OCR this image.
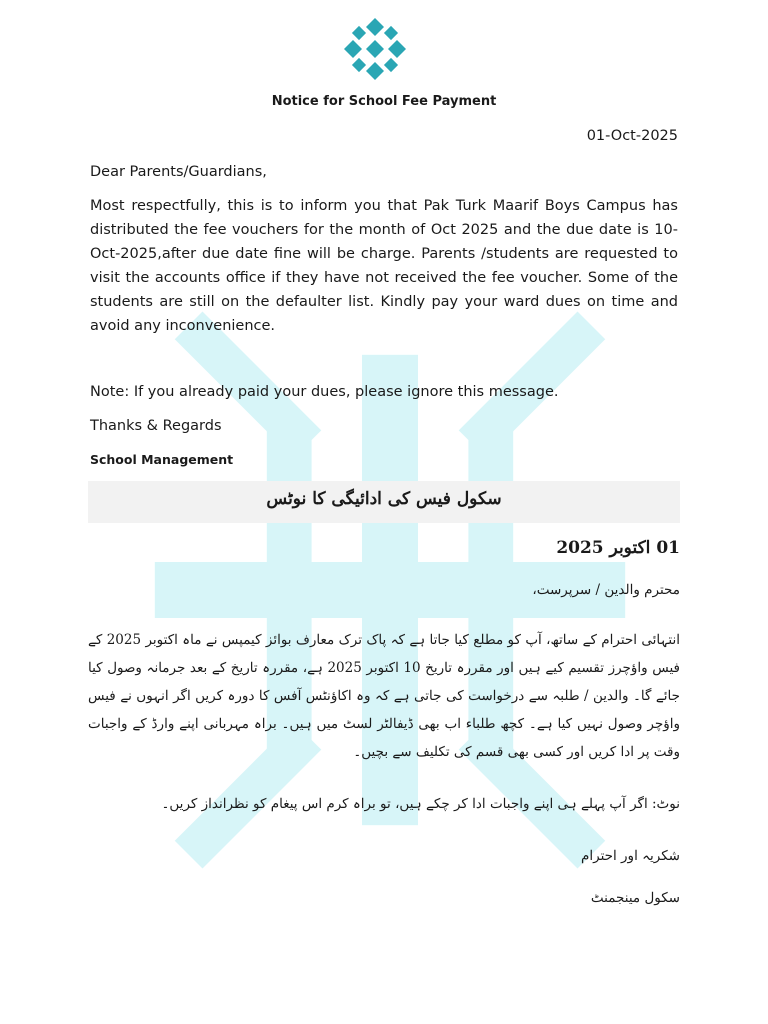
Notice for School Fee Payment
01-Oct-2025
Dear Parents/Guardians,
Most respectfully, this is to inform you that Pak Turk Maarif Boys Campus has distributed the fee vouchers for the month of Oct 2025 and the due date is 10-Oct-2025,after due date fine will be charge. Parents /students are requested to visit the accounts office if they have not received the fee voucher. Some of the students are still on the defaulter list. Kindly pay your ward dues on time and avoid any inconvenience.
Note: If you already paid your dues, please ignore this message.
Thanks & Regards
School Management
سکول فیس کی ادائیگی کا نوٹس
01 اکتوبر 2025
محترم والدین / سرپرست،
انتہائی احترام کے ساتھ، آپ کو مطلع کیا جاتا ہے کہ پاک ترک معارف بوائز کیمپس نے ماہ اکتوبر 2025 کے فیس واؤچرز تقسیم کیے ہیں اور مقررہ تاریخ 10 اکتوبر 2025 ہے، مقررہ تاریخ کے بعد جرمانہ وصول کیا جائے گا۔ والدین / طلبہ سے درخواست کی جاتی ہے کہ وہ اکاؤنٹس آفس کا دورہ کریں اگر انہوں نے فیس واؤچر وصول نہیں کیا ہے۔ کچھ طلباء اب بھی ڈیفالٹر لسٹ میں ہیں۔ براہ مہربانی اپنے وارڈ کے واجبات وقت پر ادا کریں اور کسی بھی قسم کی تکلیف سے بچیں۔
نوٹ: اگر آپ پہلے ہی اپنے واجبات ادا کر چکے ہیں، تو براہ کرم اس پیغام کو نظرانداز کریں۔
شکریہ اور احترام
سکول مینجمنٹ
